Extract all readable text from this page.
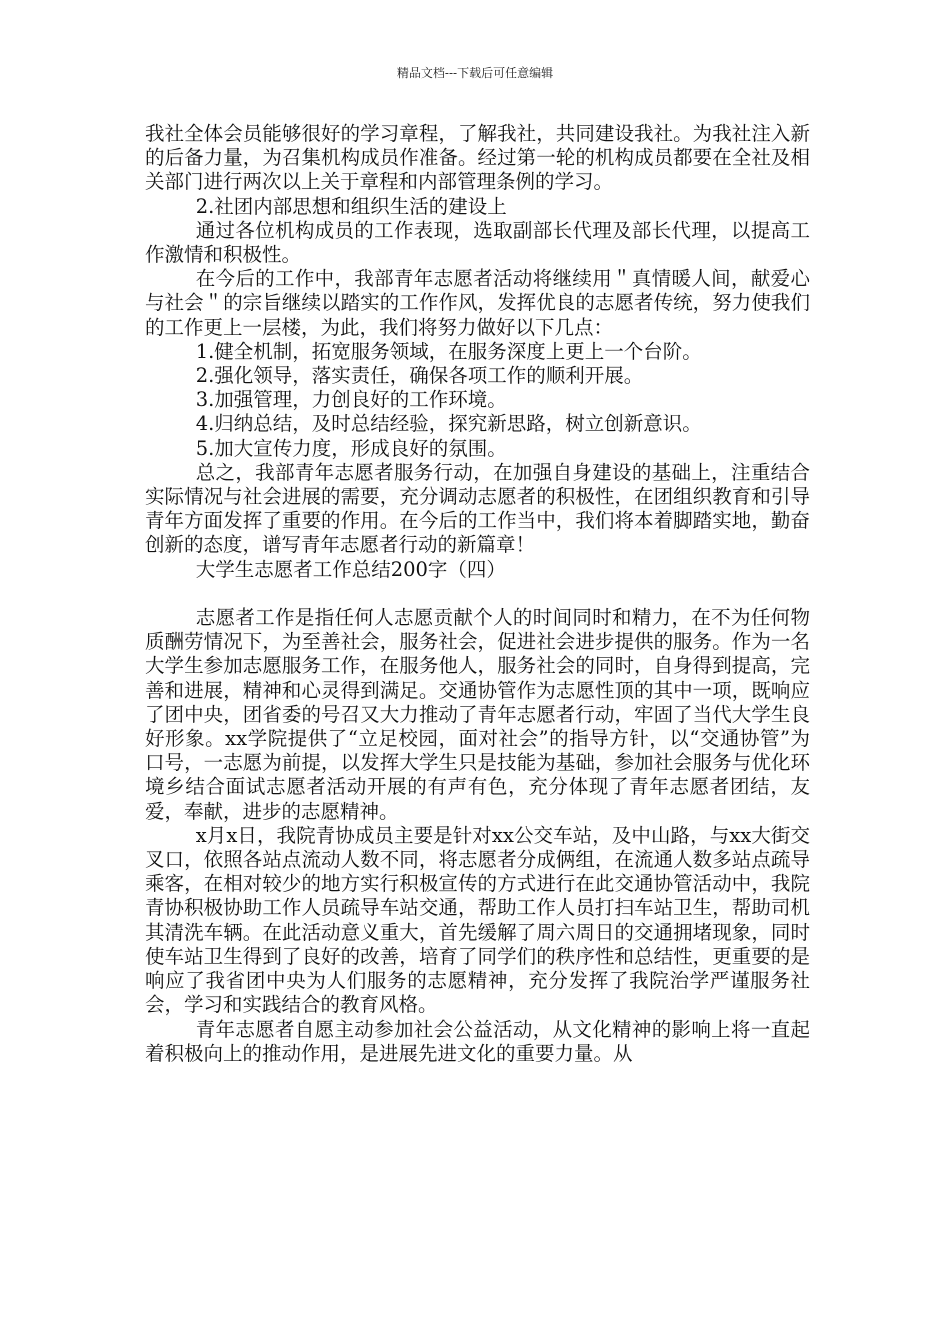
精品文档---下载后可任意编辑

我社全体会员能够很好的学习章程，了解我社，共同建设我社。为我社注入新的后备力量，为召集机构成员作准备。经过第一轮的机构成员都要在全社及相关部门进行两次以上关于章程和内部管理条例的学习。

2.社团内部思想和组织生活的建设上

通过各位机构成员的工作表现，选取副部长代理及部长代理，以提高工作激情和积极性。

在今后的工作中，我部青年志愿者活动将继续用＂真情暖人间，献爱心与社会＂的宗旨继续以踏实的工作作风，发挥优良的志愿者传统，努力使我们的工作更上一层楼，为此，我们将努力做好以下几点：

1.健全机制，拓宽服务领域，在服务深度上更上一个台阶。

2.强化领导，落实责任，确保各项工作的顺利开展。

3.加强管理，力创良好的工作环境。

4.归纳总结，及时总结经验，探究新思路，树立创新意识。

5.加大宣传力度，形成良好的氛围。

总之，我部青年志愿者服务行动，在加强自身建设的基础上，注重结合实际情况与社会进展的需要，充分调动志愿者的积极性，在团组织教育和引导青年方面发挥了重要的作用。在今后的工作当中，我们将本着脚踏实地，勤奋创新的态度，谱写青年志愿者行动的新篇章！

大学生志愿者工作总结200字（四）

志愿者工作是指任何人志愿贡献个人的时间同时和精力，在不为任何物质酬劳情况下，为至善社会，服务社会，促进社会进步提供的服务。作为一名大学生参加志愿服务工作，在服务他人，服务社会的同时，自身得到提高，完善和进展，精神和心灵得到满足。交通协管作为志愿性顶的其中一项，既响应了团中央，团省委的号召又大力推动了青年志愿者行动，牢固了当代大学生良好形象。xx学院提供了“立足校园，面对社会”的指导方针，以“交通协管”为口号，一志愿为前提，以发挥大学生只是技能为基础，参加社会服务与优化环境乡结合面试志愿者活动开展的有声有色，充分体现了青年志愿者团结，友爱，奉献，进步的志愿精神。

x月x日，我院青协成员主要是针对xx公交车站，及中山路，与xx大街交叉口，依照各站点流动人数不同，将志愿者分成俩组，在流通人数多站点疏导乘客，在相对较少的地方实行积极宣传的方式进行在此交通协管活动中，我院青协积极协助工作人员疏导车站交通，帮助工作人员打扫车站卫生，帮助司机其清洗车辆。在此活动意义重大，首先缓解了周六周日的交通拥堵现象，同时使车站卫生得到了良好的改善，培育了同学们的秩序性和总结性，更重要的是响应了我省团中央为人们服务的志愿精神，充分发挥了我院治学严谨服务社会，学习和实践结合的教育风格。

青年志愿者自愿主动参加社会公益活动，从文化精神的影响上将一直起着积极向上的推动作用，是进展先进文化的重要力量。从
